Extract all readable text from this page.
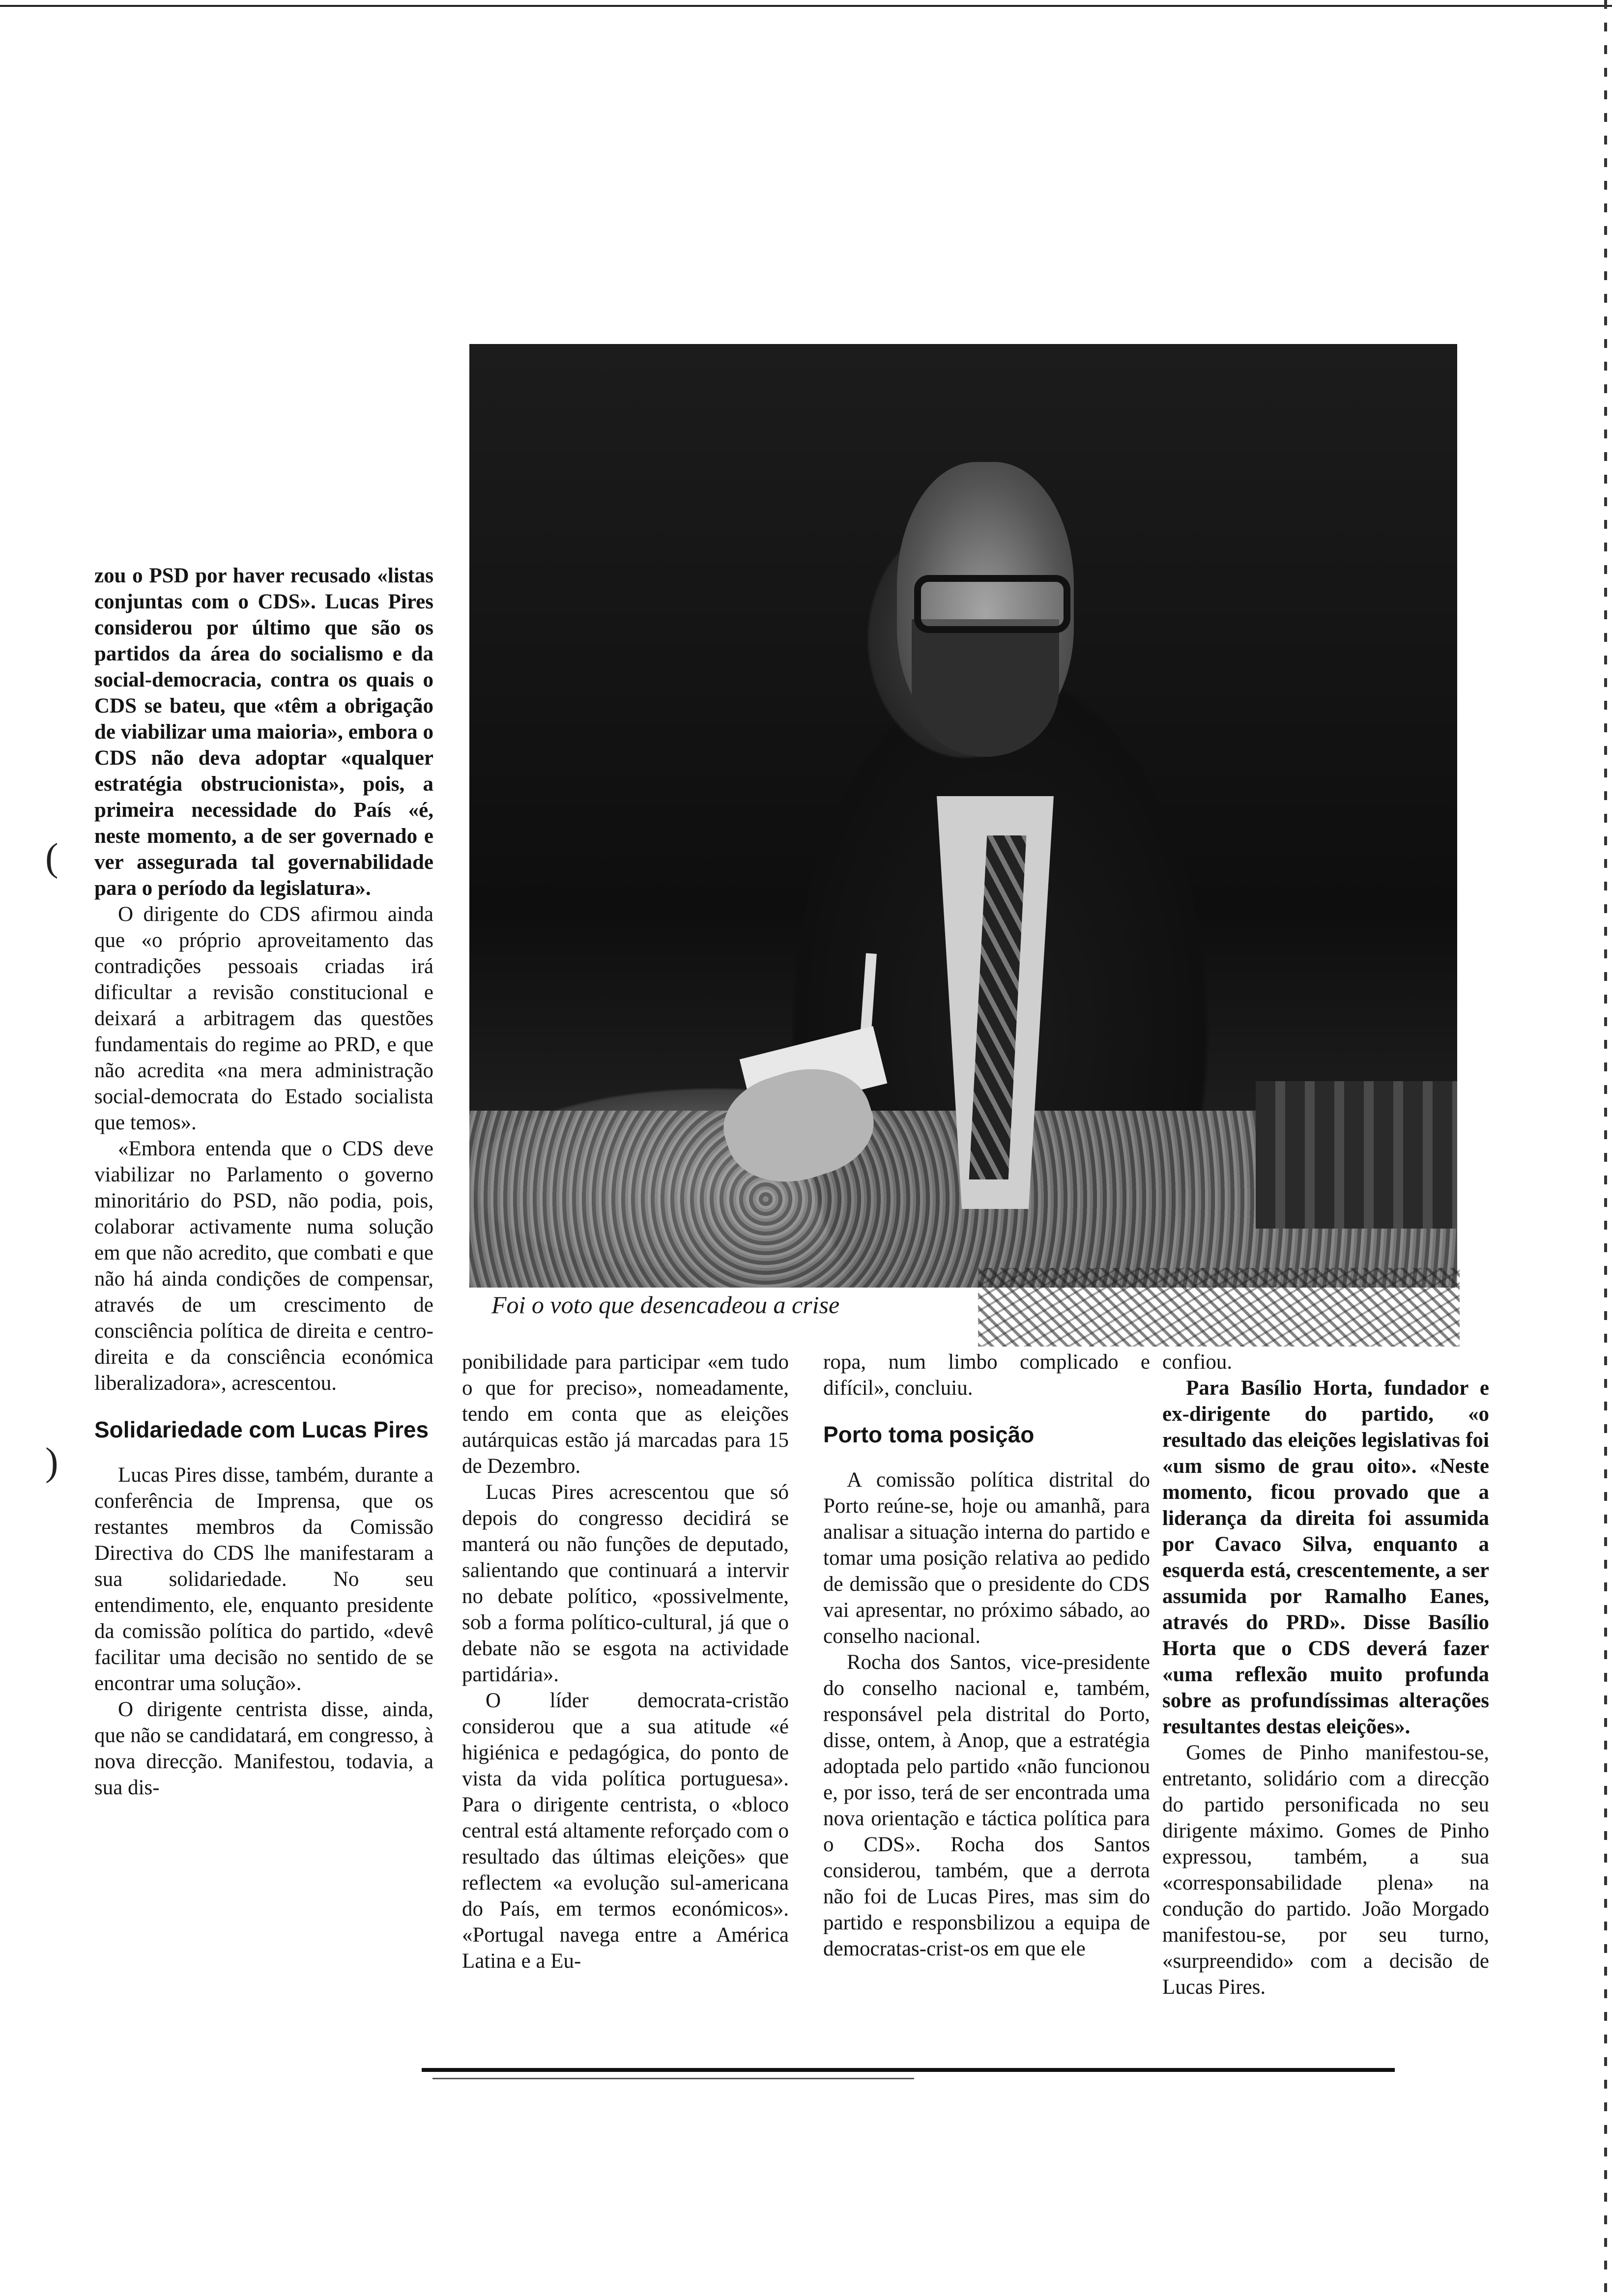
zou o PSD por haver recusado «listas conjuntas com o CDS». Lucas Pires considerou por último que são os partidos da área do socialismo e da social-democracia, contra os quais o CDS se bateu, que «têm a obrigação de viabilizar uma maioria», embora o CDS não deva adoptar «qualquer estratégia obstrucionista», pois, a primeira necessidade do País «é, neste momento, a de ser governado e ver assegurada tal governabilidade para o período da legislatura».

O dirigente do CDS afirmou ainda que «o próprio aproveitamento das contradições pessoais criadas irá dificultar a revisão constitucional e deixará a arbitragem das questões fundamentais do regime ao PRD, e que não acredita «na mera administração social-democrata do Estado socialista que temos».

«Embora entenda que o CDS deve viabilizar no Parlamento o governo minoritário do PSD, não podia, pois, colaborar activamente numa solução em que não acredito, que combati e que não há ainda condições de compensar, através de um crescimento de consciência política de direita e centro-direita e da consciência económica liberalizadora», acrescentou.

Solidariedade com Lucas Pires

Lucas Pires disse, também, durante a conferência de Imprensa, que os restantes membros da Comissão Directiva do CDS lhe manifestaram a sua solidariedade. No seu entendimento, ele, enquanto presidente da comissão política do partido, «devê facilitar uma decisão no sentido de se encontrar uma solução».

O dirigente centrista disse, ainda, que não se candidatará, em congresso, à nova direcção. Manifestou, todavia, a sua dis-

Foi o voto que desencadeou a crise

ponibilidade para participar «em tudo o que for preciso», nomeadamente, tendo em conta que as eleições autárquicas estão já marcadas para 15 de Dezembro.

Lucas Pires acrescentou que só depois do congresso decidirá se manterá ou não funções de deputado, salientando que continuará a intervir no debate político, «possivelmente, sob a forma político-cultural, já que o debate não se esgota na actividade partidária».

O líder democrata-cristão considerou que a sua atitude «é higiénica e pedagógica, do ponto de vista da vida política portuguesa». Para o dirigente centrista, o «bloco central está altamente reforçado com o resultado das últimas eleições» que reflectem «a evolução sul-americana do País, em termos económicos». «Portugal navega entre a América Latina e a Eu-

ropa, num limbo complicado e difícil», concluiu.

Porto toma posição

A comissão política distrital do Porto reúne-se, hoje ou amanhã, para analisar a situação interna do partido e tomar uma posição relativa ao pedido de demissão que o presidente do CDS vai apresentar, no próximo sábado, ao conselho nacional.

Rocha dos Santos, vice-presidente do conselho nacional e, também, responsável pela distrital do Porto, disse, ontem, à Anop, que a estratégia adoptada pelo partido «não funcionou e, por isso, terá de ser encontrada uma nova orientação e táctica política para o CDS». Rocha dos Santos considerou, também, que a derrota não foi de Lucas Pires, mas sim do partido e responsbilizou a equipa de democratas-crist-os em que ele

confiou.

Para Basílio Horta, fundador e ex-dirigente do partido, «o resultado das eleições legislativas foi «um sismo de grau oito». «Neste momento, ficou provado que a liderança da direita foi assumida por Cavaco Silva, enquanto a esquerda está, crescentemente, a ser assumida por Ramalho Eanes, através do PRD». Disse Basílio Horta que o CDS deverá fazer «uma reflexão muito profunda sobre as profundíssimas alterações resultantes destas eleições».

Gomes de Pinho manifestou-se, entretanto, solidário com a direcção do partido personificada no seu dirigente máximo. Gomes de Pinho expressou, também, a sua «corresponsabilidade plena» na condução do partido. João Morgado manifestou-se, por seu turno, «surpreendido» com a decisão de Lucas Pires.

(
)
